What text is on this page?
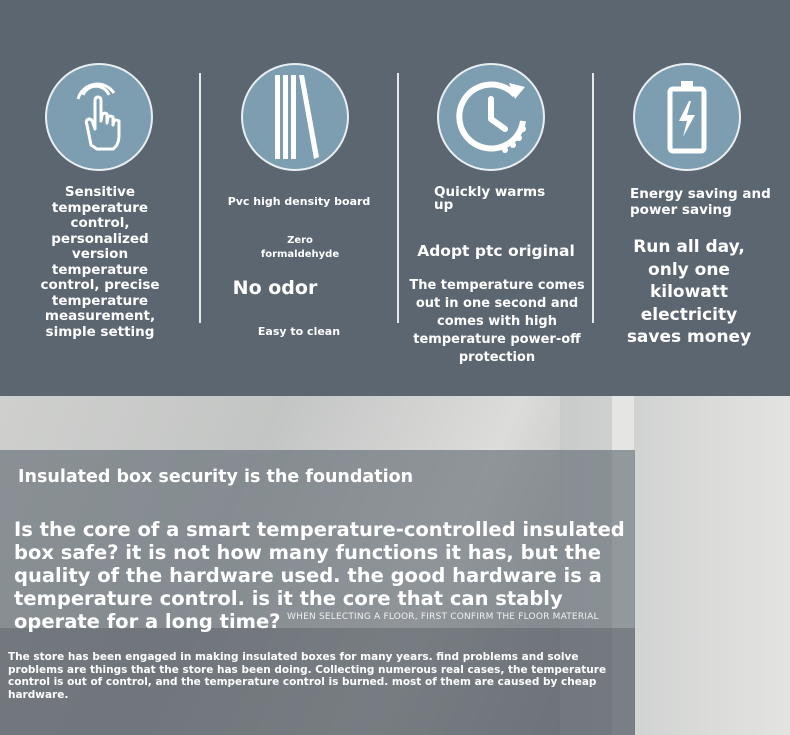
Sensitive temperature control, personalized version temperature control, precise temperature measurement, simple setting
Pvc high density board
Zero formaldehyde
No odor
Easy to clean
Quickly warms up
Adopt ptc original
The temperature comes out in one second and comes with high temperature power-off protection
Energy saving and power saving
Run all day, only one kilowatt electricity saves money
Insulated box security is the foundation
Is the core of a smart temperature-controlled insulated box safe? it is not how many functions it has, but the quality of the hardware used. the good hardware is a temperature control. is it the core that can stably operate for a long time? WHEN SELECTING A FLOOR, FIRST CONFIRM THE FLOOR MATERIAL
The store has been engaged in making insulated boxes for many years. find problems and solve problems are things that the store has been doing. Collecting numerous real cases, the temperature control is out of control, and the temperature control is burned. most of them are caused by cheap hardware.
